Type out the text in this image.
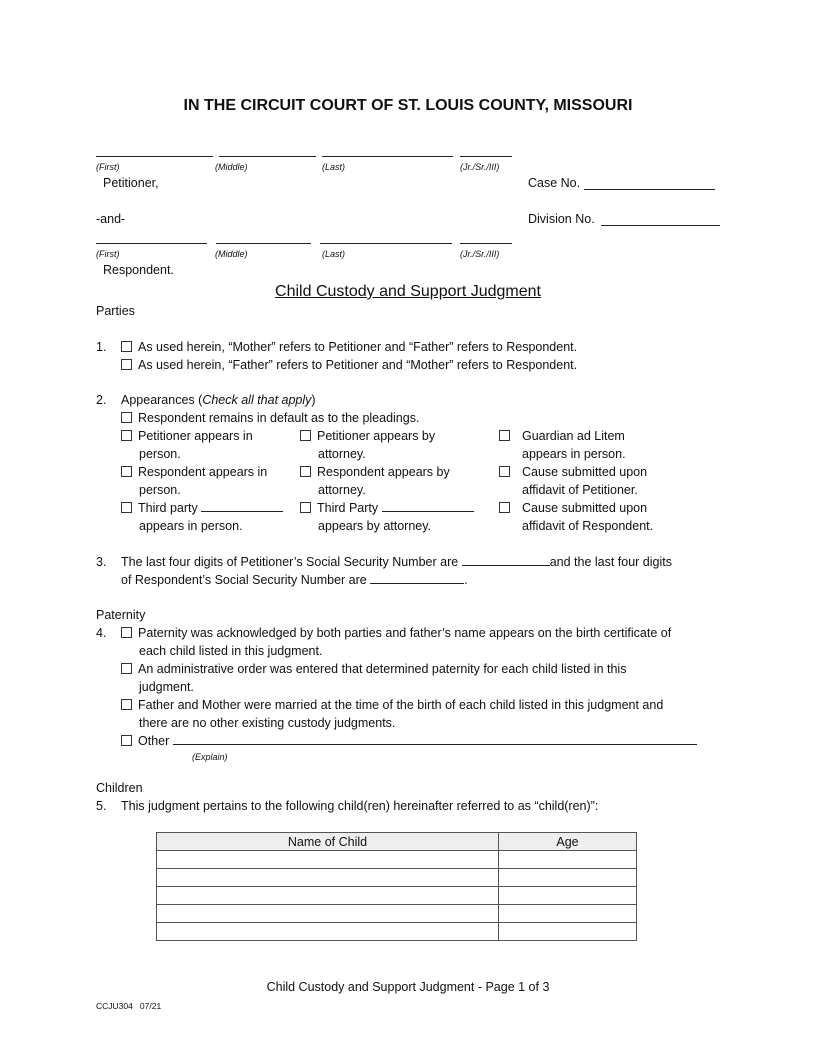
IN THE CIRCUIT COURT OF ST. LOUIS COUNTY, MISSOURI
(First)	(Middle)	(Last)	(Jr./Sr./III)
Petitioner,	Case No.
-and-	Division No.
(First)	(Middle)	(Last)	(Jr./Sr./III)
Respondent.
Child Custody and Support Judgment
Parties
1.	As used herein, “Mother” refers to Petitioner and “Father” refers to Respondent.
As used herein, “Father” refers to Petitioner and “Mother” refers to Respondent.
2. Appearances (Check all that apply)
Respondent remains in default as to the pleadings.
Petitioner appears in
person.
Respondent appears in
person.
Third party
appears in person.
Petitioner appears by
attorney.
Respondent appears by
attorney.
Third Party
appears by attorney.
Guardian ad Litem
appears in person.
Cause submitted upon
affidavit of Petitioner.
Cause submitted upon
affidavit of Respondent.
3. The last four digits of Petitioner’s Social Security Number are	and the last four digits
of Respondent’s Social Security Number are	.
Paternity
4.	Paternity was acknowledged by both parties and father’s name appears on the birth certificate of
each child listed in this judgment.
An administrative order was entered that determined paternity for each child listed in this
judgment.
Father and Mother were married at the time of the birth of each child listed in this judgment and
there are no other existing custody judgments.
Other
(Explain)
Children
5. This judgment pertains to the following child(ren) hereinafter referred to as “child(ren)”:
Name of Child	Age

Child Custody and Support Judgment - Page 1 of 3
CCJU304   07/21
